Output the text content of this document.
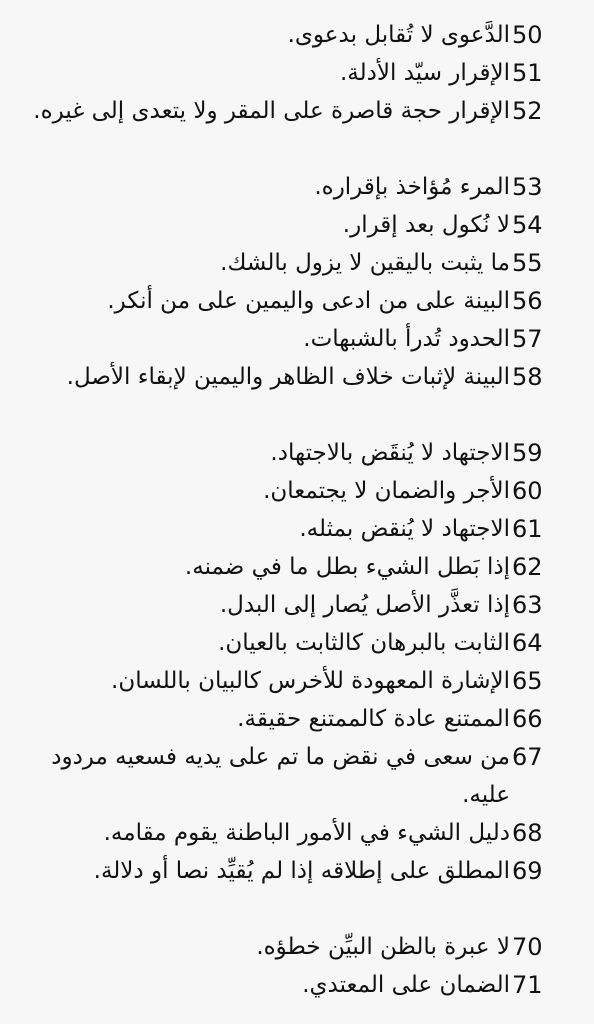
50
الدَّعوى لا تُقابل بدعوى.
51
الإقرار سيّد الأدلة.
52
الإقرار حجة قاصرة على المقر ولا يتعدى إلى غيره.
53
المرء مُؤاخذ بإقراره.
54
لا نُكول بعد إقرار.
55
ما يثبت باليقين لا يزول بالشك.
56
البينة على من ادعى واليمين على من أنكر.
57
الحدود تُدرأ بالشبهات.
58
البينة لإثبات خلاف الظاهر واليمين لإبقاء الأصل.
59
الاجتهاد لا يُنقَض بالاجتهاد.
60
الأجر والضمان لا يجتمعان.
61
الاجتهاد لا يُنقض بمثله.
62
إذا بَطل الشيء بطل ما في ضمنه.
63
إذا تعذَّر الأصل يُصار إلى البدل.
64
الثابت بالبرهان كالثابت بالعيان.
65
الإشارة المعهودة للأخرس كالبيان باللسان.
66
الممتنع عادة كالممتنع حقيقة.
67
من سعى في نقض ما تم على يديه فسعيه مردود عليه.
68
دليل الشيء في الأمور الباطنة يقوم مقامه.
69
المطلق على إطلاقه إذا لم يُقيِّد نصا أو دلالة.
70
لا عبرة بالظن البيِّن خطؤه.
71
الضمان على المعتدي.
